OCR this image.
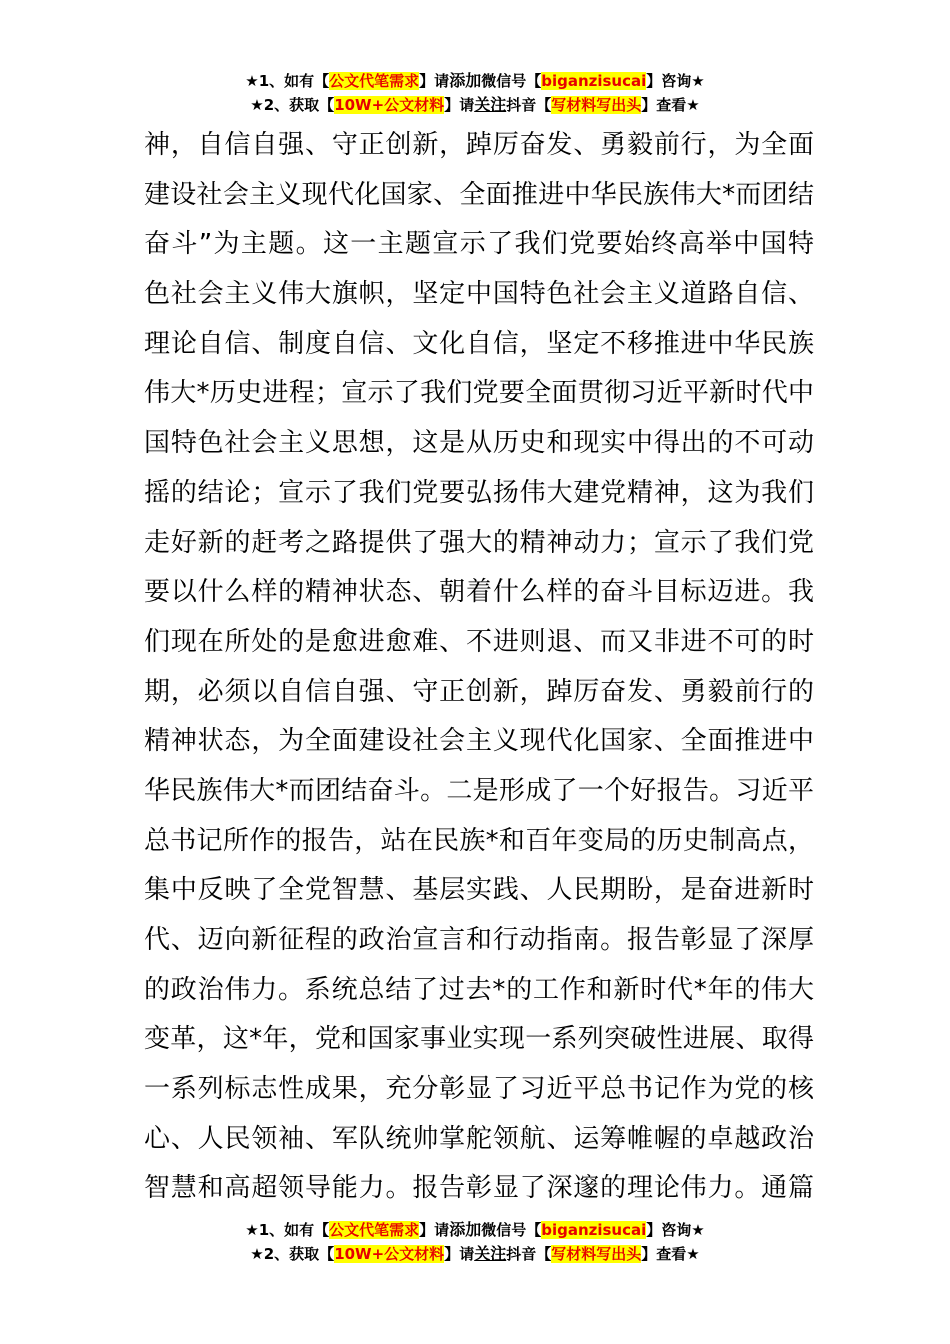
★1、如有【公文代笔需求】请添加微信号【biganzisucai】咨询★
★2、获取【10W+公文材料】请关注抖音【写材料写出头】查看★
神，自信自强、守正创新，踔厉奋发、勇毅前行，为全面
建设社会主义现代化国家、全面推进中华民族伟大*而团结
奋斗”为主题。这一主题宣示了我们党要始终高举中国特
色社会主义伟大旗帜，坚定中国特色社会主义道路自信、
理论自信、制度自信、文化自信，坚定不移推进中华民族
伟大*历史进程；宣示了我们党要全面贯彻习近平新时代中
国特色社会主义思想，这是从历史和现实中得出的不可动
摇的结论；宣示了我们党要弘扬伟大建党精神，这为我们
走好新的赶考之路提供了强大的精神动力；宣示了我们党
要以什么样的精神状态、朝着什么样的奋斗目标迈进。我
们现在所处的是愈进愈难、不进则退、而又非进不可的时
期，必须以自信自强、守正创新，踔厉奋发、勇毅前行的
精神状态，为全面建设社会主义现代化国家、全面推进中
华民族伟大*而团结奋斗。二是形成了一个好报告。习近平
总书记所作的报告，站在民族*和百年变局的历史制高点，
集中反映了全党智慧、基层实践、人民期盼，是奋进新时
代、迈向新征程的政治宣言和行动指南。报告彰显了深厚
的政治伟力。系统总结了过去*的工作和新时代*年的伟大
变革，这*年，党和国家事业实现一系列突破性进展、取得
一系列标志性成果，充分彰显了习近平总书记作为党的核
心、人民领袖、军队统帅掌舵领航、运筹帷幄的卓越政治
智慧和高超领导能力。报告彰显了深邃的理论伟力。通篇
★1、如有【公文代笔需求】请添加微信号【biganzisucai】咨询★
★2、获取【10W+公文材料】请关注抖音【写材料写出头】查看★
